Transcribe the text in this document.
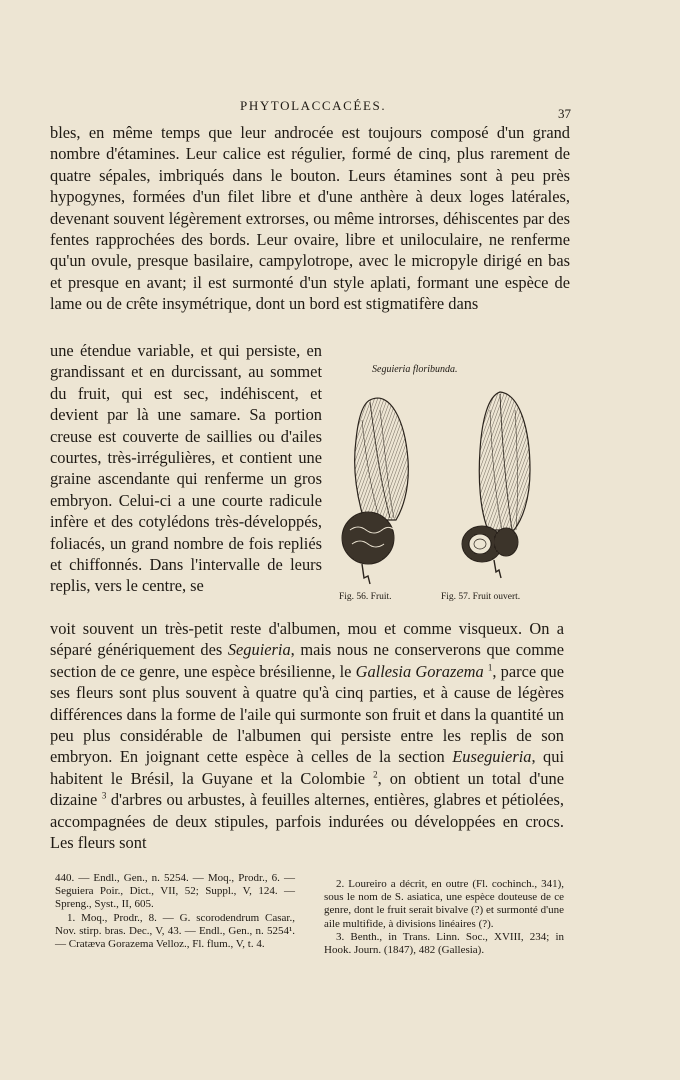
PHYTOLACCACÉES.
37

bles, en même temps que leur androcée est toujours composé d'un grand nombre d'étamines. Leur calice est régulier, formé de cinq, plus rarement de quatre sépales, imbriqués dans le bouton. Leurs étamines sont à peu près hypogynes, formées d'un filet libre et d'une anthère à deux loges latérales, devenant souvent légèrement extrorses, ou même introrses, déhiscentes par des fentes rapprochées des bords. Leur ovaire, libre et uniloculaire, ne renferme qu'un ovule, presque basilaire, campylotrope, avec le micropyle dirigé en bas et presque en avant; il est surmonté d'un style aplati, formant une espèce de lame ou de crête insymétrique, dont un bord est stigmatifère dans

une étendue variable, et qui persiste, en grandissant et en durcissant, au sommet du fruit, qui est sec, indéhiscent, et devient par là une samare. Sa portion creuse est couverte de saillies ou d'ailes courtes, très-irrégulières, et contient une graine ascendante qui renferme un gros embryon. Celui-ci a une courte radicule infère et des cotylédons très-développés, foliacés, un grand nombre de fois repliés et chiffonnés. Dans l'intervalle de leurs replis, vers le centre, se

Seguieria floribunda.
Fig. 56. Fruit.	Fig. 57. Fruit ouvert.

voit souvent un très-petit reste d'albumen, mou et comme visqueux. On a séparé génériquement des Seguieria, mais nous ne conserverons que comme section de ce genre, une espèce brésilienne, le Gallesia Gorazema $^1$, parce que ses fleurs sont plus souvent à quatre qu'à cinq parties, et à cause de légères différences dans la forme de l'aile qui surmonte son fruit et dans la quantité un peu plus considérable de l'albumen qui persiste entre les replis de son embryon. En joignant cette espèce à celles de la section Euseguieria, qui habitent le Brésil, la Guyane et la Colombie $^2$, on obtient un total d'une dizaine $^3$ d'arbres ou arbustes, à feuilles alternes, entières, glabres et pétiolées, accompagnées de deux stipules, parfois indurées ou développées en crocs. Les fleurs sont

440. — Endl., Gen., n. 5254. — Moq., Prodr., 6. — Seguiera Poir., Dict., VII, 52; Suppl., V, 124. — Spreng., Syst., II, 605.

1. Moq., Prodr., 8. — G. scorodendrum Casar., Nov. stirp. bras. Dec., V, 43. — Endl., Gen., n. 5254¹. — Cratæva Gorazema Velloz., Fl. flum., V, t. 4.

2. Loureiro a décrit, en outre (Fl. cochinch., 341), sous le nom de S. asiatica, une espèce douteuse de ce genre, dont le fruit serait bivalve (?) et surmonté d'une aile multifide, à divisions linéaires (?).

3. Benth., in Trans. Linn. Soc., XVIII, 234; in Hook. Journ. (1847), 482 (Gallesia).
